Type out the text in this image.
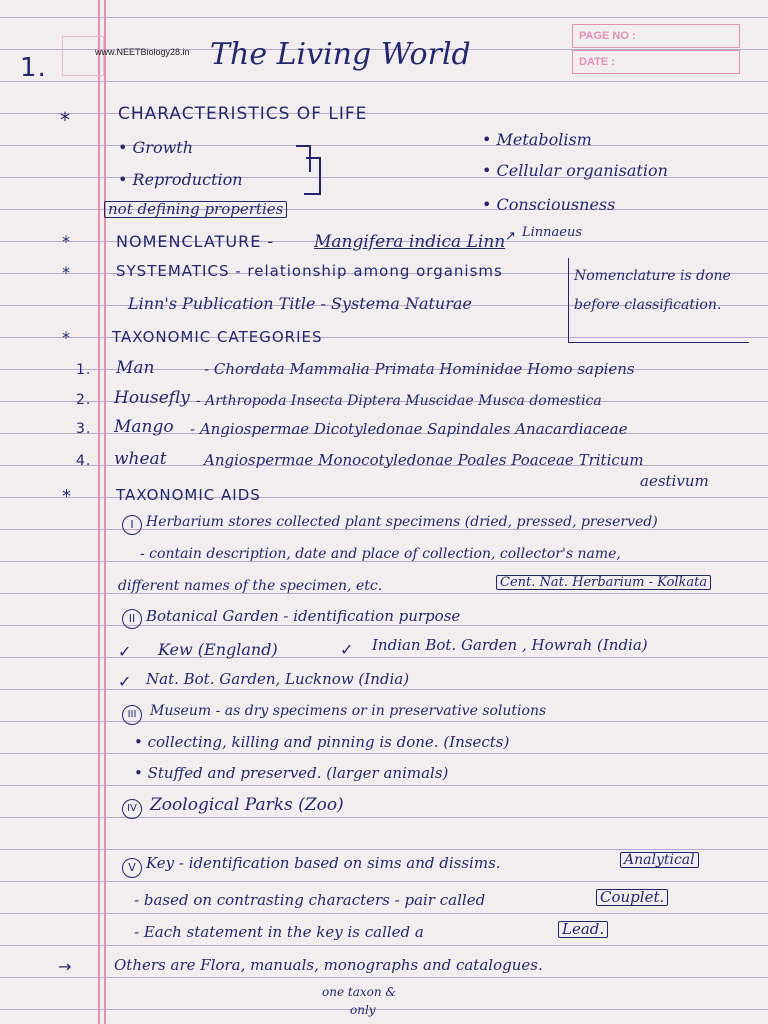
PAGE NO :
DATE :
www.NEETBiology28.in
1.	The Living World
*	CHARACTERISTICS OF LIFE
• Growth
• Reproduction
not defining properties
• Metabolism
• Cellular organisation
• Consciousness
*	NOMENCLATURE - Mangifera indica Linn ↗ Linnaeus
*	SYSTEMATICS - relationship among organisms
Linn's Publication Title - Systema Naturae
Nomenclature is done before classification.
*	TAXONOMIC CATEGORIES
1. Man	- Chordata Mammalia Primata Hominidae Homo sapiens
2. Housefly - Arthropoda Insecta Diptera Muscidae Musca domestica
3. Mango - Angiospermae Dicotyledonae Sapindales Anacardiaceae
4. wheat Angiospermae Monocotyledonae Poales Poaceae Triticum
aestivum
*	TAXONOMIC AIDS
I Herbarium stores collected plant specimens (dried, pressed, preserved)
- contain description, date and place of collection, collector's name,
different names of the specimen, etc.	Cent. Nat. Herbarium - Kolkata
II Botanical Garden - identification purpose
✓ Kew (England)	✓ Indian Bot. Garden , Howrah (India)
✓ Nat. Bot. Garden, Lucknow (India)
III Museum - as dry specimens or in preservative solutions
• collecting, killing and pinning is done. (Insects)
• Stuffed and preserved. (larger animals)
IV Zoological Parks (Zoo)
V Key - identification based on sims and dissims.	Analytical
- based on contrasting characters - pair called	Couplet.
- Each statement in the key is called a	Lead.
→	Others are Flora, manuals, monographs and catalogues.
one taxon &
only
